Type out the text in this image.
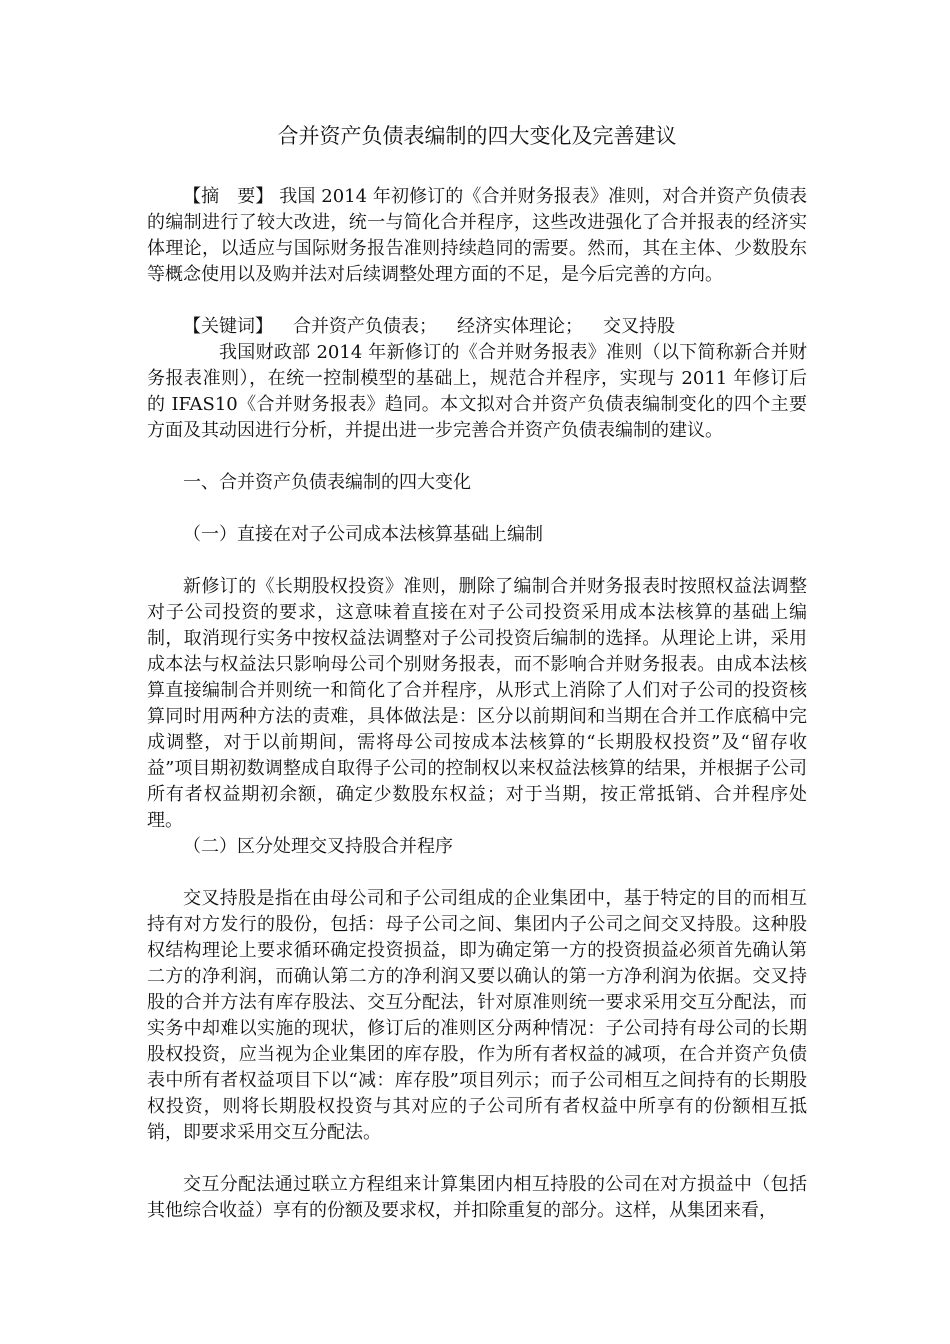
合并资产负债表编制的四大变化及完善建议

【摘　要】 我国 2014 年初修订的《合并财务报表》准则，对合并资产负债表的编制进行了较大改进，统一与简化合并程序，这些改进强化了合并报表的经济实体理论，以适应与国际财务报告准则持续趋同的需要。然而，其在主体、少数股东等概念使用以及购并法对后续调整处理方面的不足，是今后完善的方向。

【关键词】 合并资产负债表； 经济实体理论； 交叉持股

我国财政部 2014 年新修订的《合并财务报表》准则（以下简称新合并财务报表准则），在统一控制模型的基础上，规范合并程序，实现与 2011 年修订后的 IFAS10《合并财务报表》趋同。本文拟对合并资产负债表编制变化的四个主要方面及其动因进行分析，并提出进一步完善合并资产负债表编制的建议。

一、合并资产负债表编制的四大变化

（一）直接在对子公司成本法核算基础上编制

新修订的《长期股权投资》准则，删除了编制合并财务报表时按照权益法调整对子公司投资的要求，这意味着直接在对子公司投资采用成本法核算的基础上编制，取消现行实务中按权益法调整对子公司投资后编制的选择。从理论上讲，采用成本法与权益法只影响母公司个别财务报表，而不影响合并财务报表。由成本法核算直接编制合并则统一和简化了合并程序，从形式上消除了人们对子公司的投资核算同时用两种方法的责难，具体做法是：区分以前期间和当期在合并工作底稿中完成调整，对于以前期间，需将母公司按成本法核算的“长期股权投资”及“留存收益”项目期初数调整成自取得子公司的控制权以来权益法核算的结果，并根据子公司所有者权益期初余额，确定少数股东权益；对于当期，按正常抵销、合并程序处理。

（二）区分处理交叉持股合并程序

交叉持股是指在由母公司和子公司组成的企业集团中，基于特定的目的而相互持有对方发行的股份，包括：母子公司之间、集团内子公司之间交叉持股。这种股权结构理论上要求循环确定投资损益，即为确定第一方的投资损益必须首先确认第二方的净利润，而确认第二方的净利润又要以确认的第一方净利润为依据。交叉持股的合并方法有库存股法、交互分配法，针对原准则统一要求采用交互分配法，而实务中却难以实施的现状，修订后的准则区分两种情况：子公司持有母公司的长期股权投资，应当视为企业集团的库存股，作为所有者权益的减项，在合并资产负债表中所有者权益项目下以“减：库存股”项目列示；而子公司相互之间持有的长期股权投资，则将长期股权投资与其对应的子公司所有者权益中所享有的份额相互抵销，即要求采用交互分配法。

交互分配法通过联立方程组来计算集团内相互持股的公司在对方损益中（包括其他综合收益）享有的份额及要求权，并扣除重复的部分。这样，从集团来看，
